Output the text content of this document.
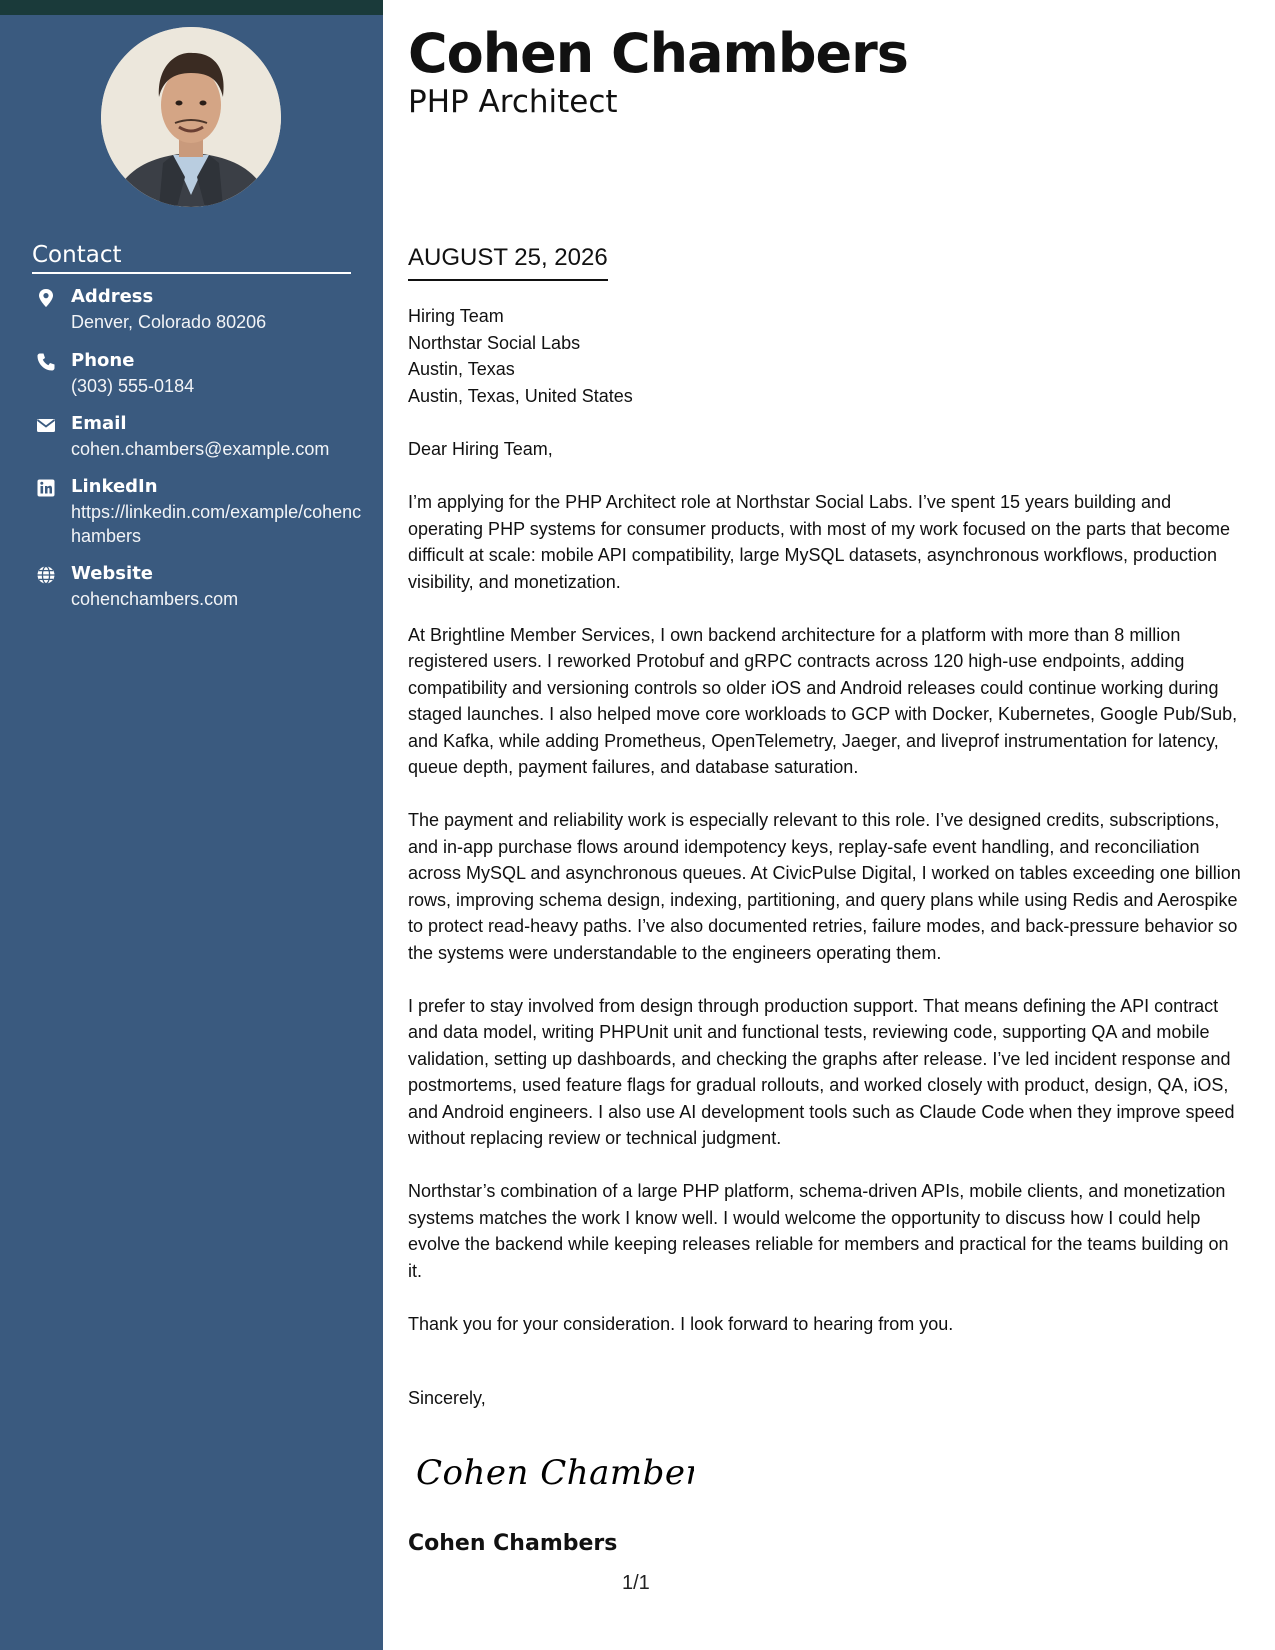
Contact
Address
Denver, Colorado 80206
Phone
(303) 555-0184
Email
cohen.chambers@example.com
LinkedIn
https://linkedin.com/example/cohenchambers
Website
cohenchambers.com
Cohen Chambers
PHP Architect
AUGUST 25, 2026
Hiring Team
Northstar Social Labs
Austin, Texas
Austin, Texas, United States

Dear Hiring Team,

I’m applying for the PHP Architect role at Northstar Social Labs. I’ve spent 15 years building and operating PHP systems for consumer products, with most of my work focused on the parts that become difficult at scale: mobile API compatibility, large MySQL datasets, asynchronous workflows, production visibility, and monetization.

At Brightline Member Services, I own backend architecture for a platform with more than 8 million registered users. I reworked Protobuf and gRPC contracts across 120 high-use endpoints, adding compatibility and versioning controls so older iOS and Android releases could continue working during staged launches. I also helped move core workloads to GCP with Docker, Kubernetes, Google Pub/Sub, and Kafka, while adding Prometheus, OpenTelemetry, Jaeger, and liveprof instrumentation for latency, queue depth, payment failures, and database saturation.

The payment and reliability work is especially relevant to this role. I’ve designed credits, subscriptions, and in-app purchase flows around idempotency keys, replay-safe event handling, and reconciliation across MySQL and asynchronous queues. At CivicPulse Digital, I worked on tables exceeding one billion rows, improving schema design, indexing, partitioning, and query plans while using Redis and Aerospike to protect read-heavy paths. I’ve also documented retries, failure modes, and back-pressure behavior so the systems were understandable to the engineers operating them.

I prefer to stay involved from design through production support. That means defining the API contract and data model, writing PHPUnit unit and functional tests, reviewing code, supporting QA and mobile validation, setting up dashboards, and checking the graphs after release. I’ve led incident response and postmortems, used feature flags for gradual rollouts, and worked closely with product, design, QA, iOS, and Android engineers. I also use AI development tools such as Claude Code when they improve speed without replacing review or technical judgment.

Northstar’s combination of a large PHP platform, schema-driven APIs, mobile clients, and monetization systems matches the work I know well. I would welcome the opportunity to discuss how I could help evolve the backend while keeping releases reliable for members and practical for the teams building on it.

Thank you for your consideration. I look forward to hearing from you.

Sincerely,
Cohen Chambers
Cohen Chambers
1/1
